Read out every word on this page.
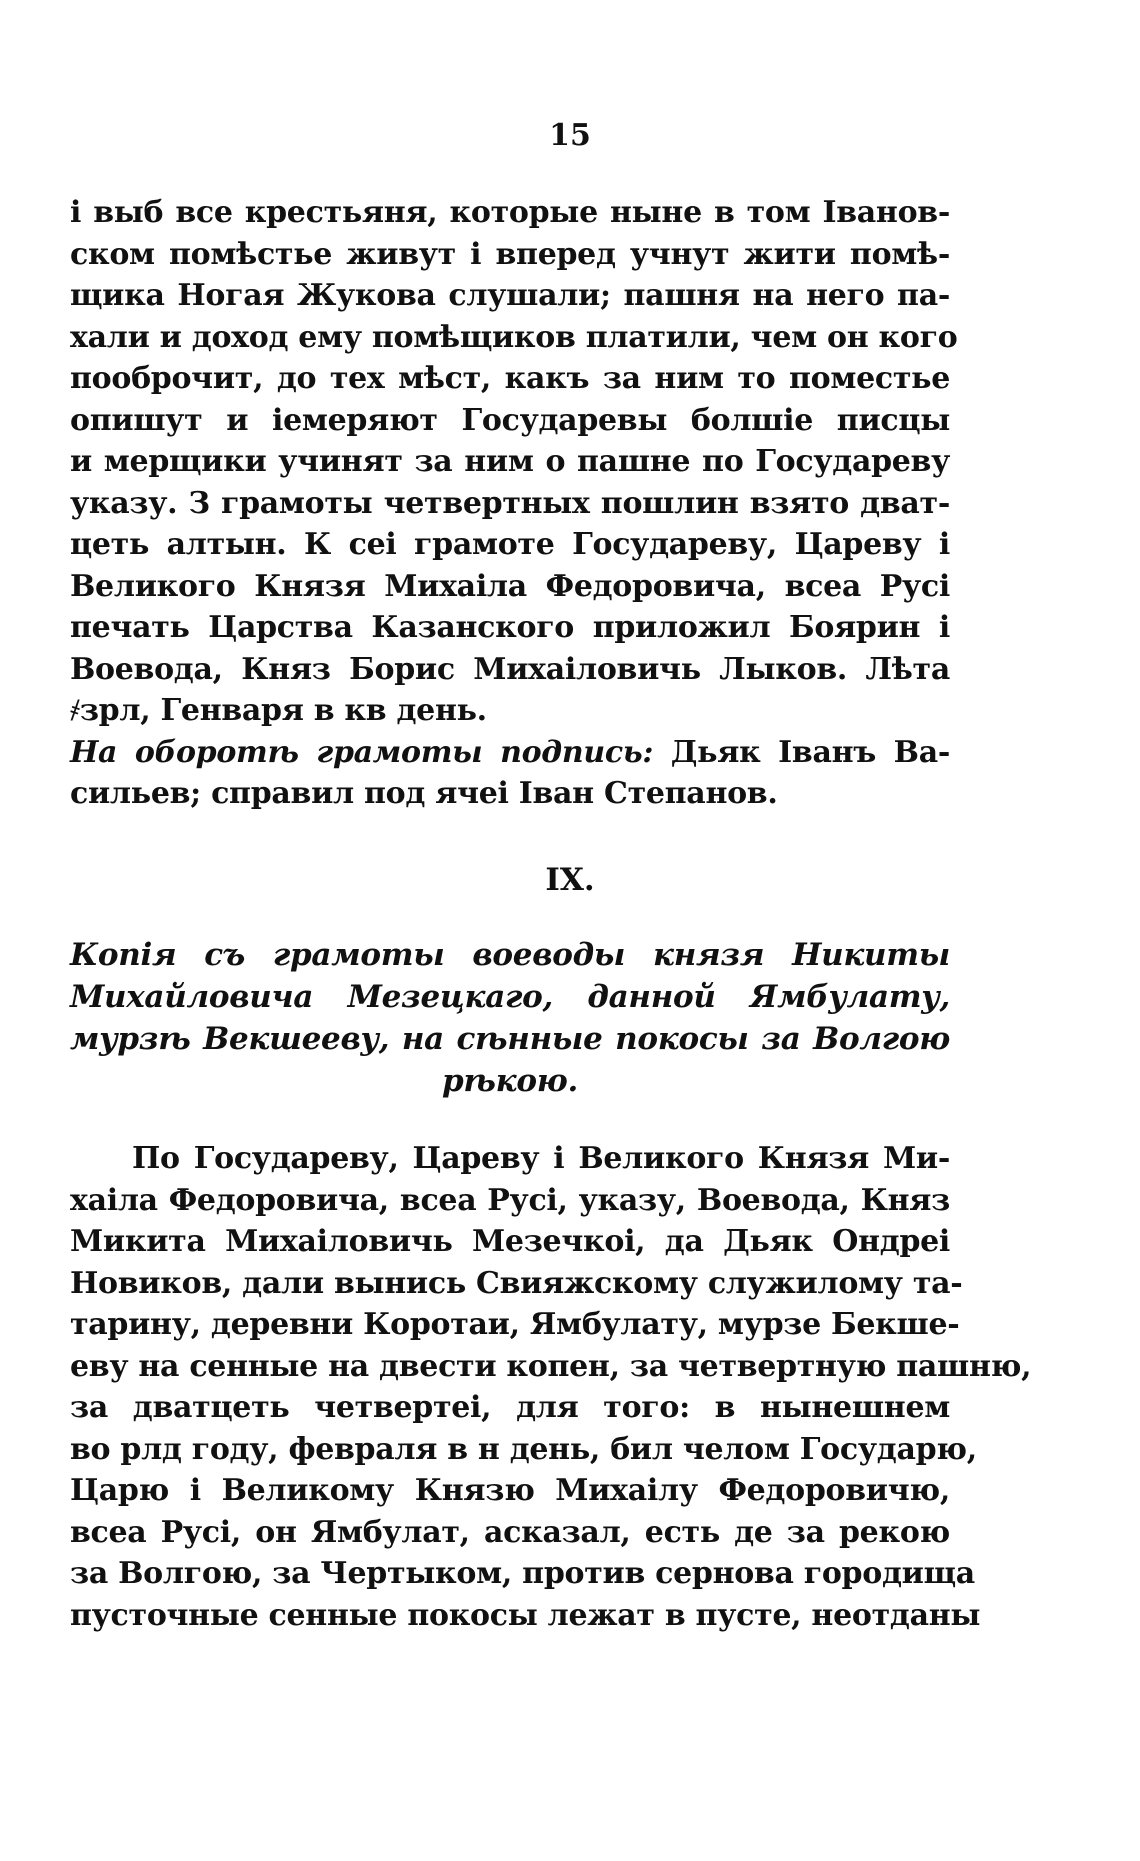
15
і выб все крестьяня, которые ныне в том Іванов-
ском помѣстье живут і вперед учнут жити помѣ-
щика Ногая Жукова слушали; пашня на него па-
хали и доход ему помѣщиков платили, чем он кого
пооброчит, до тех мѣст, какъ за ним то поместье
опишут и іемеряют Государевы болшіе писцы
и мерщики учинят за ним о пашне по Государеву
указу. З грамоты четвертных пошлин взято дват-
цеть алтын. К сеі грамоте Государеву, Цареву і
Великого Князя Михаіла Федоровича, всеа Русі
печать Царства Казанского приложил Боярин і
Воевода, Княз Борис Михаіловичь Лыков. Лѣта
҂зрл, Генваря в кв день.
На оборотѣ грамоты подпись: Дьяк Іванъ Ва-
сильев; справил под ячеі Іван Степанов.
IX.
Копія съ грамоты воеводы князя Никиты
Михайловича Мезецкаго, данной Ямбулату,
мурзѣ Векшееву, на сѣнные покосы за Волгою
рѣкою.
По Государеву, Цареву і Великого Князя Ми-
хаіла Федоровича, всеа Русі, указу, Воевода, Княз
Микита Михаіловичь Мезечкоі, да Дьяк Ондреі
Новиков, дали вынись Свияжскому служилому та-
тарину, деревни Коротаи, Ямбулату, мурзе Бекше-
еву на сенные на двести копен, за четвертную пашню,
за дватцеть четвертеі, для того: в нынешнем
во рлд году, февраля в н день, бил челом Государю,
Царю і Великому Князю Михаілу Федоровичю,
всеа Русі, он Ямбулат, асказал, есть де за рекою
за Волгою, за Чертыком, против сернова городища
пусточные сенные покосы лежат в пусте, неотданы
